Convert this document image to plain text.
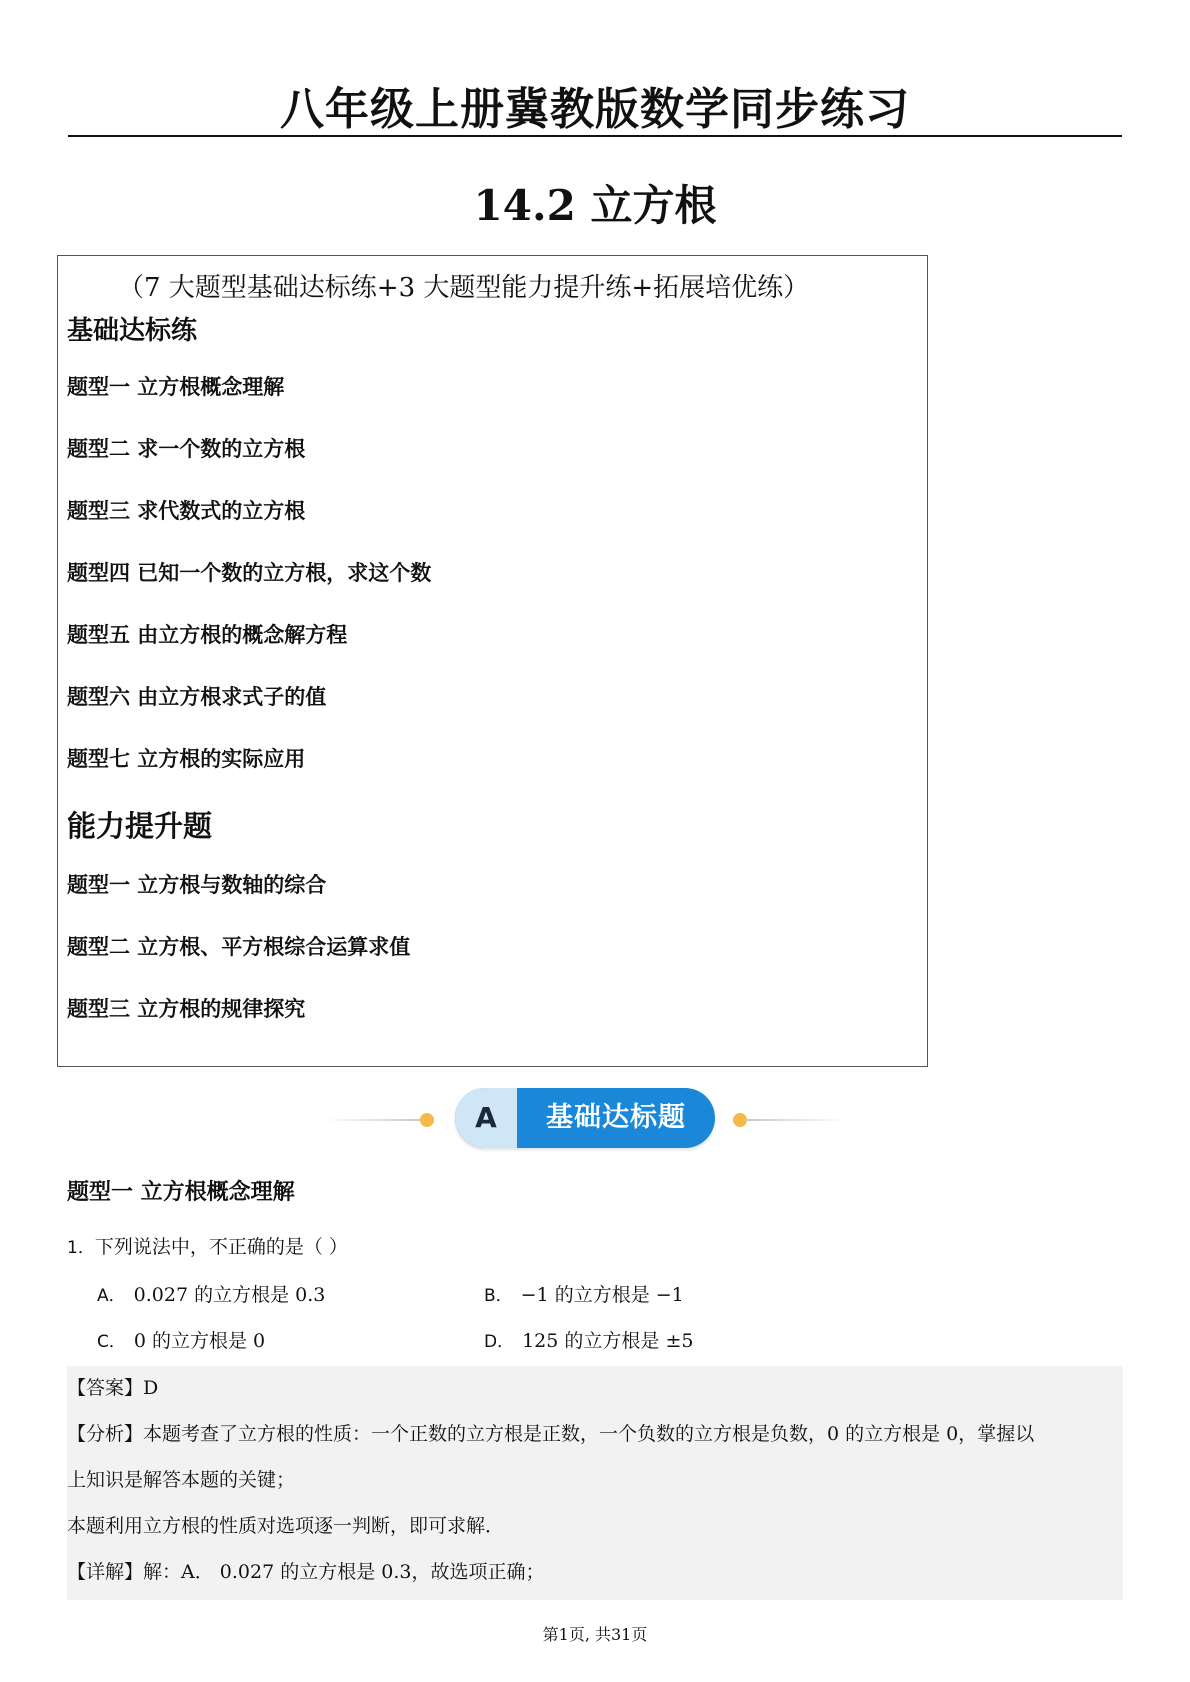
八年级上册冀教版数学同步练习
14.2 立方根
（7 大题型基础达标练+3 大题型能力提升练+拓展培优练）
基础达标练
题型一 立方根概念理解
题型二 求一个数的立方根
题型三 求代数式的立方根
题型四 已知一个数的立方根，求这个数
题型五 由立方根的概念解方程
题型六 由立方根求式子的值
题型七 立方根的实际应用
能力提升题
题型一 立方根与数轴的综合
题型二 立方根、平方根综合运算求值
题型三 立方根的规律探究
A	基础达标题
题型一 立方根概念理解
1．下列说法中，不正确的是（ ）
A． 0.027 的立方根是 0.3	B． −1 的立方根是 −1
C． 0 的立方根是 0	D． 125 的立方根是 ±5
【答案】D
【分析】本题考查了立方根的性质：一个正数的立方根是正数，一个负数的立方根是负数，0 的立方根是 0，掌握以
上知识是解答本题的关键；
本题利用立方根的性质对选项逐一判断，即可求解．
【详解】解：A． 0.027 的立方根是 0.3，故选项正确；
第1页, 共31页
